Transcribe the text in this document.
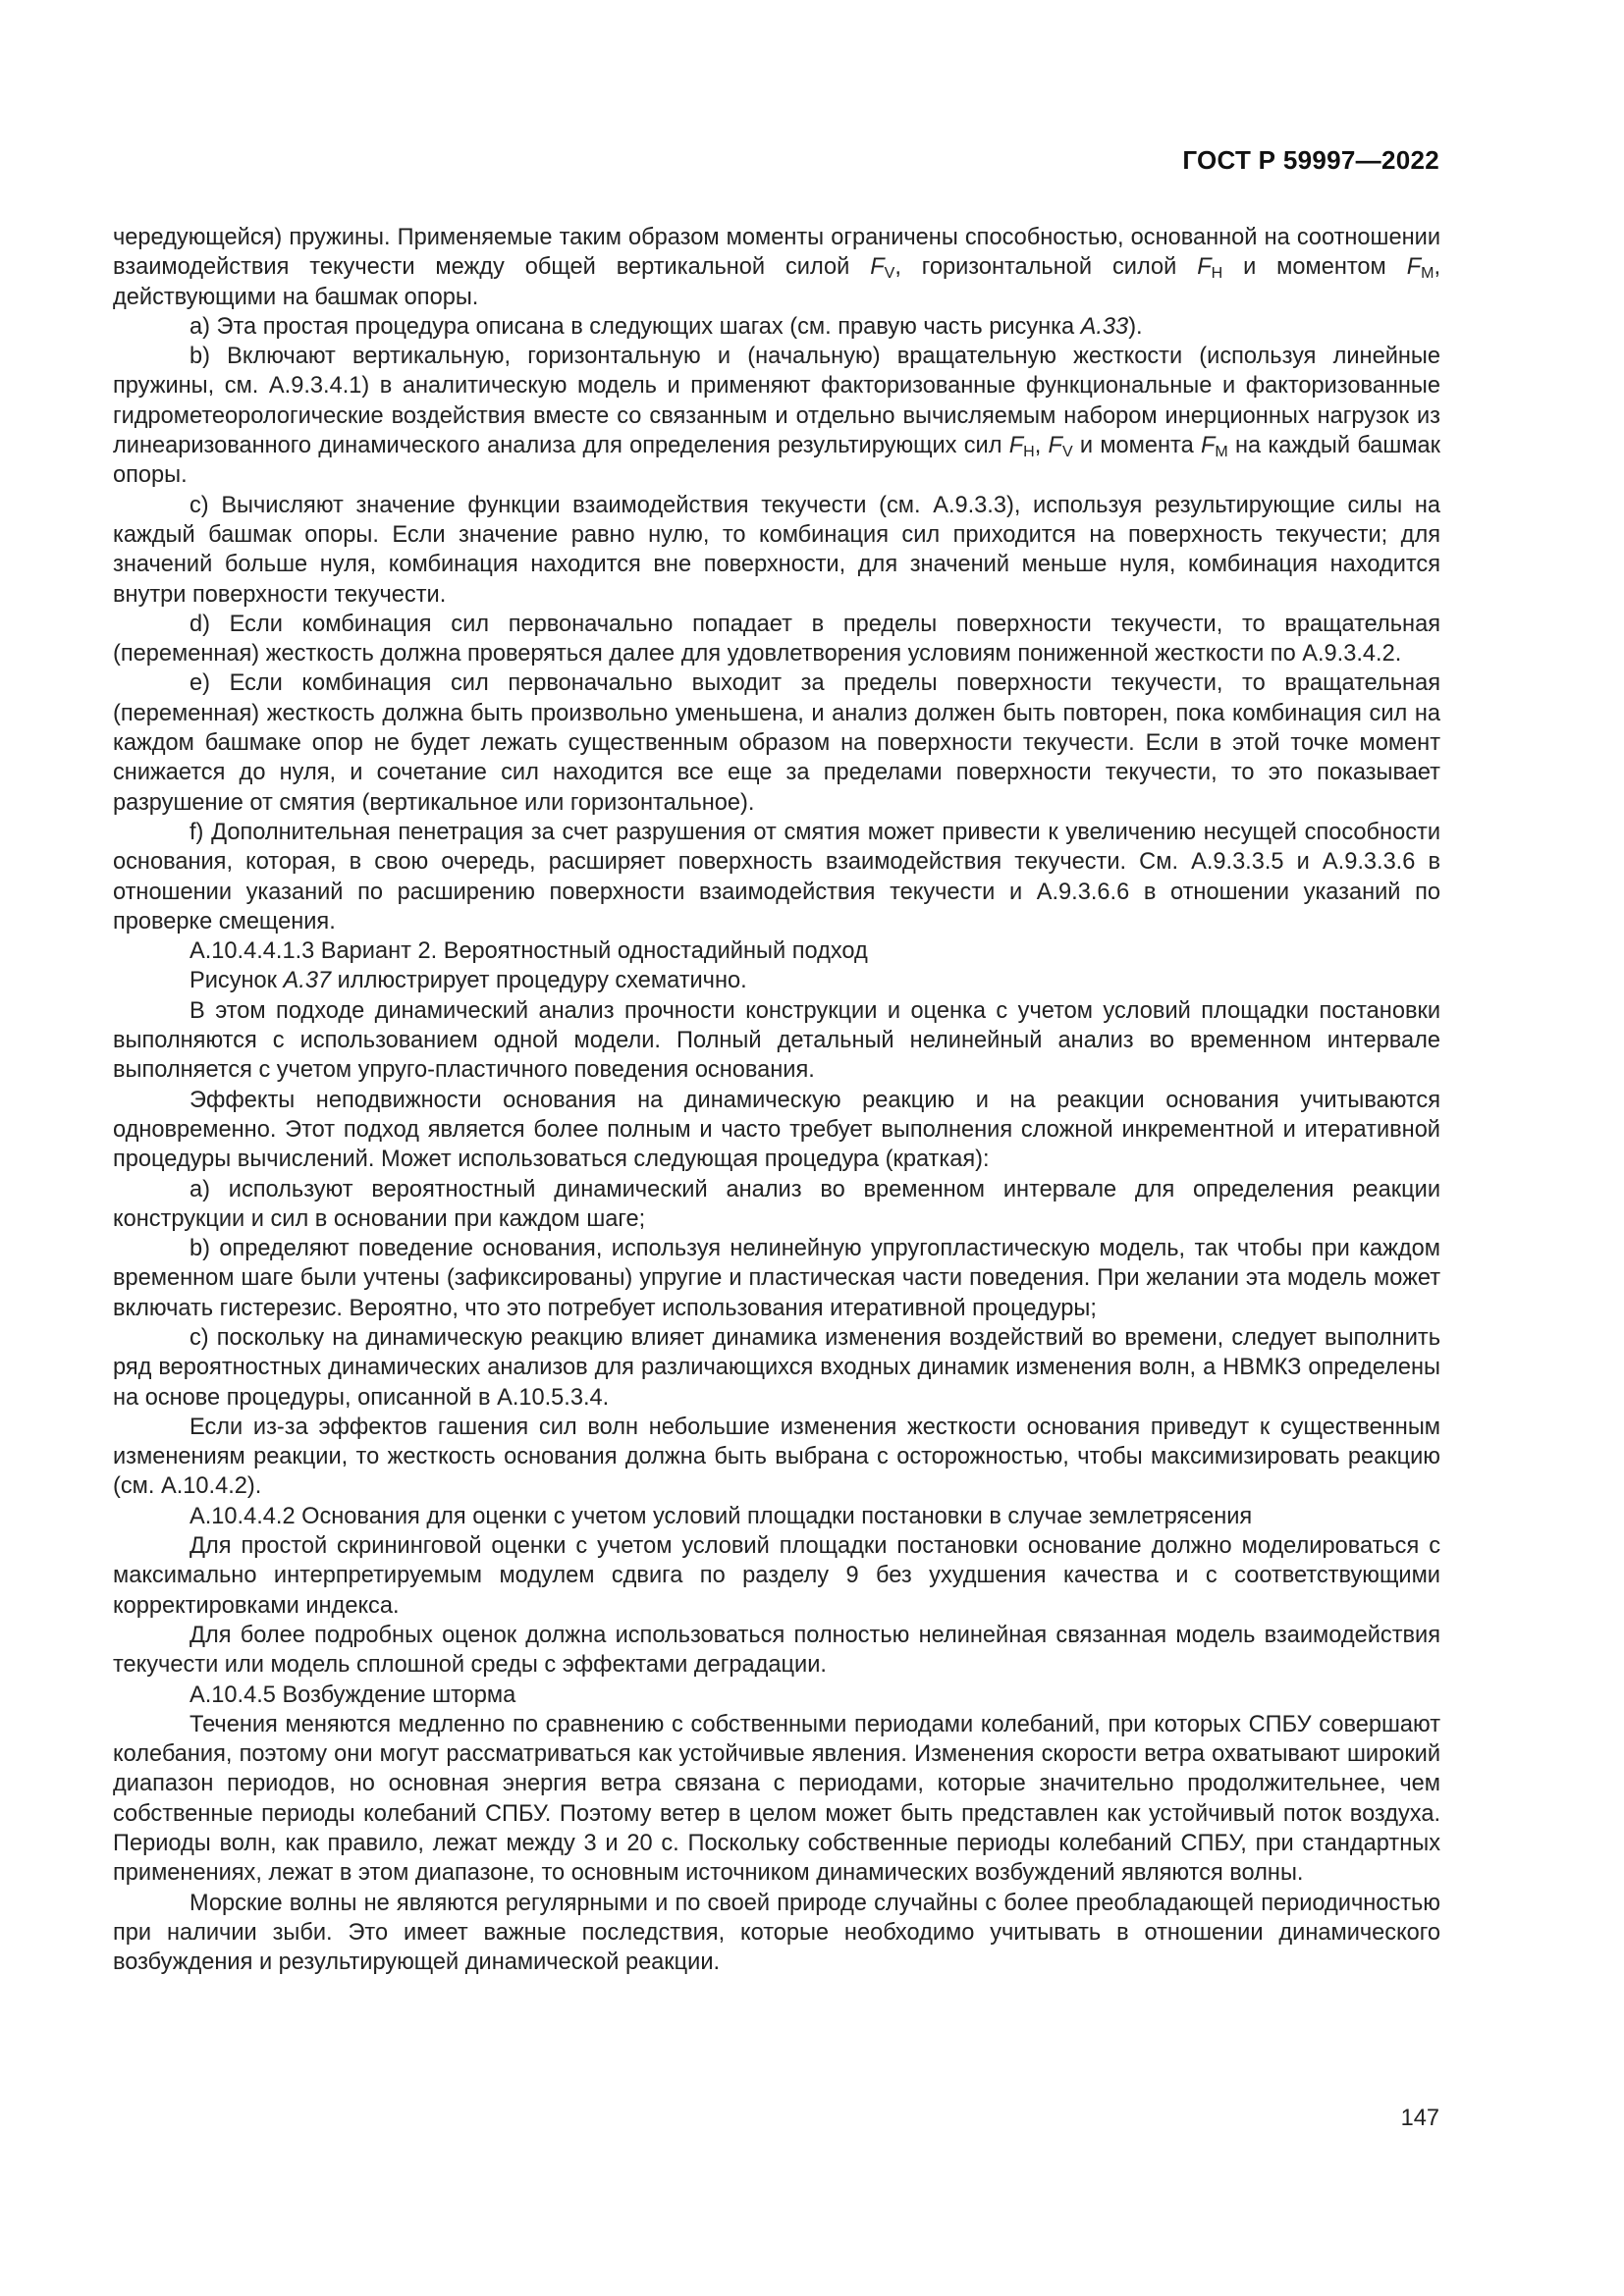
ГОСТ Р 59997—2022

чередующейся) пружины. Применяемые таким образом моменты ограничены способностью, основанной на соотношении взаимодействия текучести между общей вертикальной силой $F_V$, горизонтальной силой $F_H$ и моментом $F_M$, действующими на башмак опоры.

a) Эта простая процедура описана в следующих шагах (см. правую часть рисунка A.33).

b) Включают вертикальную, горизонтальную и (начальную) вращательную жесткости (используя линейные пружины, см. А.9.3.4.1) в аналитическую модель и применяют факторизованные функциональные и факторизованные гидрометеорологические воздействия вместе со связанным и отдельно вычисляемым набором инерционных нагрузок из линеаризованного динамического анализа для определения результирующих сил $F_H$, $F_V$ и момента $F_M$ на каждый башмак опоры.

c) Вычисляют значение функции взаимодействия текучести (см. А.9.3.3), используя результирующие силы на каждый башмак опоры. Если значение равно нулю, то комбинация сил приходится на поверхность текучести; для значений больше нуля, комбинация находится вне поверхности, для значений меньше нуля, комбинация находится внутри поверхности текучести.

d) Если комбинация сил первоначально попадает в пределы поверхности текучести, то вращательная (переменная) жесткость должна проверяться далее для удовлетворения условиям пониженной жесткости по А.9.3.4.2.

e) Если комбинация сил первоначально выходит за пределы поверхности текучести, то вращательная (переменная) жесткость должна быть произвольно уменьшена, и анализ должен быть повторен, пока комбинация сил на каждом башмаке опор не будет лежать существенным образом на поверхности текучести. Если в этой точке момент снижается до нуля, и сочетание сил находится все еще за пределами поверхности текучести, то это показывает разрушение от смятия (вертикальное или горизонтальное).

f) Дополнительная пенетрация за счет разрушения от смятия может привести к увеличению несущей способности основания, которая, в свою очередь, расширяет поверхность взаимодействия текучести. См. А.9.3.3.5 и А.9.3.3.6 в отношении указаний по расширению поверхности взаимодействия текучести и А.9.3.6.6 в отношении указаний по проверке смещения.

А.10.4.4.1.3 Вариант 2. Вероятностный одностадийный подход

Рисунок А.37 иллюстрирует процедуру схематично.

В этом подходе динамический анализ прочности конструкции и оценка с учетом условий площадки постановки выполняются с использованием одной модели. Полный детальный нелинейный анализ во временном интервале выполняется с учетом упруго-пластичного поведения основания.

Эффекты неподвижности основания на динамическую реакцию и на реакции основания учитываются одновременно. Этот подход является более полным и часто требует выполнения сложной инкрементной и итеративной процедуры вычислений. Может использоваться следующая процедура (краткая):

a) используют вероятностный динамический анализ во временном интервале для определения реакции конструкции и сил в основании при каждом шаге;

b) определяют поведение основания, используя нелинейную упругопластическую модель, так чтобы при каждом временном шаге были учтены (зафиксированы) упругие и пластическая части поведения. При желании эта модель может включать гистерезис. Вероятно, что это потребует использования итеративной процедуры;

c) поскольку на динамическую реакцию влияет динамика изменения воздействий во времени, следует выполнить ряд вероятностных динамических анализов для различающихся входных динамик изменения волн, а НВМКЗ определены на основе процедуры, описанной в А.10.5.3.4.

Если из-за эффектов гашения сил волн небольшие изменения жесткости основания приведут к существенным изменениям реакции, то жесткость основания должна быть выбрана с осторожностью, чтобы максимизировать реакцию (см. А.10.4.2).

А.10.4.4.2 Основания для оценки с учетом условий площадки постановки в случае землетрясения

Для простой скрининговой оценки с учетом условий площадки постановки основание должно моделироваться с максимально интерпретируемым модулем сдвига по разделу 9 без ухудшения качества и с соответствующими корректировками индекса.

Для более подробных оценок должна использоваться полностью нелинейная связанная модель взаимодействия текучести или модель сплошной среды с эффектами деградации.

А.10.4.5 Возбуждение шторма

Течения меняются медленно по сравнению с собственными периодами колебаний, при которых СПБУ совершают колебания, поэтому они могут рассматриваться как устойчивые явления. Изменения скорости ветра охватывают широкий диапазон периодов, но основная энергия ветра связана с периодами, которые значительно продолжительнее, чем собственные периоды колебаний СПБУ. Поэтому ветер в целом может быть представлен как устойчивый поток воздуха. Периоды волн, как правило, лежат между 3 и 20 с. Поскольку собственные периоды колебаний СПБУ, при стандартных применениях, лежат в этом диапазоне, то основным источником динамических возбуждений являются волны.

Морские волны не являются регулярными и по своей природе случайны с более преобладающей периодичностью при наличии зыби. Это имеет важные последствия, которые необходимо учитывать в отношении динамического возбуждения и результирующей динамической реакции.

147
